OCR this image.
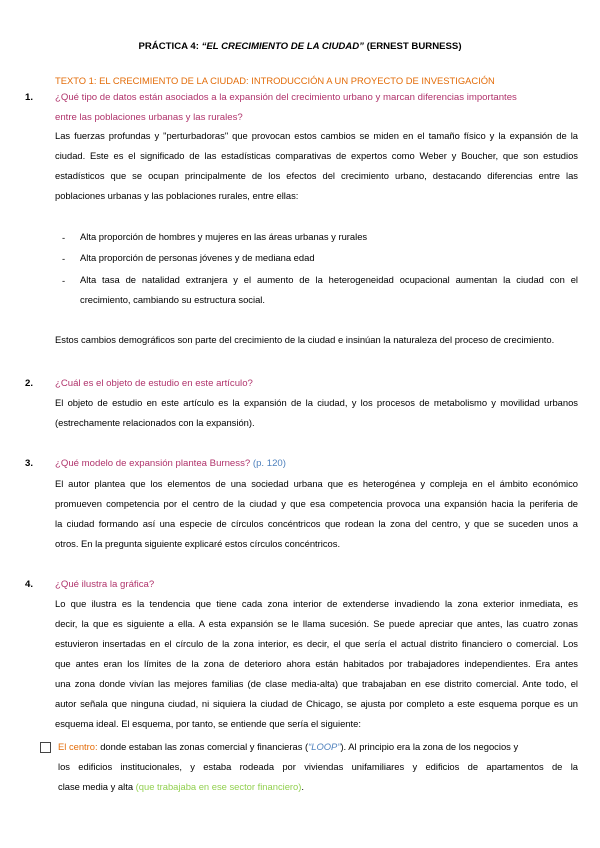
PRÁCTICA 4: “EL CRECIMIENTO DE LA CIUDAD” (ERNEST BURNESS)
TEXTO 1: EL CRECIMIENTO DE LA CIUDAD: INTRODUCCIÓN A UN PROYECTO DE INVESTIGACIÓN
1. ¿Qué tipo de datos están asociados a la expansión del crecimiento urbano y marcan diferencias importantes
entre las poblaciones urbanas y las rurales?
Las fuerzas profundas y "perturbadoras" que provocan estos cambios se miden en el tamaño físico y la expansión de la
ciudad. Este es el significado de las estadísticas comparativas de expertos como Weber y Boucher, que son estudios
estadísticos que se ocupan principalmente de los efectos del crecimiento urbano, destacando diferencias entre las
poblaciones urbanas y las poblaciones rurales, entre ellas:
- Alta proporción de hombres y mujeres en las áreas urbanas y rurales
- Alta proporción de personas jóvenes y de mediana edad
- Alta tasa de natalidad extranjera y el aumento de la heterogeneidad ocupacional aumentan la ciudad con el
crecimiento, cambiando su estructura social.
Estos cambios demográficos son parte del crecimiento de la ciudad e insinúan la naturaleza del proceso de crecimiento.
2. ¿Cuál es el objeto de estudio en este artículo?
El objeto de estudio en este artículo es la expansión de la ciudad, y los procesos de metabolismo y movilidad urbanos
(estrechamente relacionados con la expansión).
3. ¿Qué modelo de expansión plantea Burness? (p. 120)
El autor plantea que los elementos de una sociedad urbana que es heterogénea y compleja en el ámbito económico
promueven competencia por el centro de la ciudad y que esa competencia provoca una expansión hacia la periferia de
la ciudad formando así una especie de círculos concéntricos que rodean la zona del centro, y que se suceden unos a
otros. En la pregunta siguiente explicaré estos círculos concéntricos.
4. ¿Qué ilustra la gráfica?
Lo que ilustra es la tendencia que tiene cada zona interior de extenderse invadiendo la zona exterior inmediata, es
decir, la que es siguiente a ella. A esta expansión se le llama sucesión. Se puede apreciar que antes, las cuatro zonas
estuvieron insertadas en el círculo de la zona interior, es decir, el que sería el actual distrito financiero o comercial. Los
que antes eran los límites de la zona de deterioro ahora están habitados por trabajadores independientes. Era antes
una zona donde vivían las mejores familias (de clase media-alta) que trabajaban en ese distrito comercial. Ante todo, el
autor señala que ninguna ciudad, ni siquiera la ciudad de Chicago, se ajusta por completo a este esquema porque es un
esquema ideal. El esquema, por tanto, se entiende que sería el siguiente:
El centro: donde estaban las zonas comercial y financieras (“LOOP”). Al principio era la zona de los negocios y
los edificios institucionales, y estaba rodeada por viviendas unifamiliares y edificios de apartamentos de la
clase media y alta (que trabajaba en ese sector financiero).
